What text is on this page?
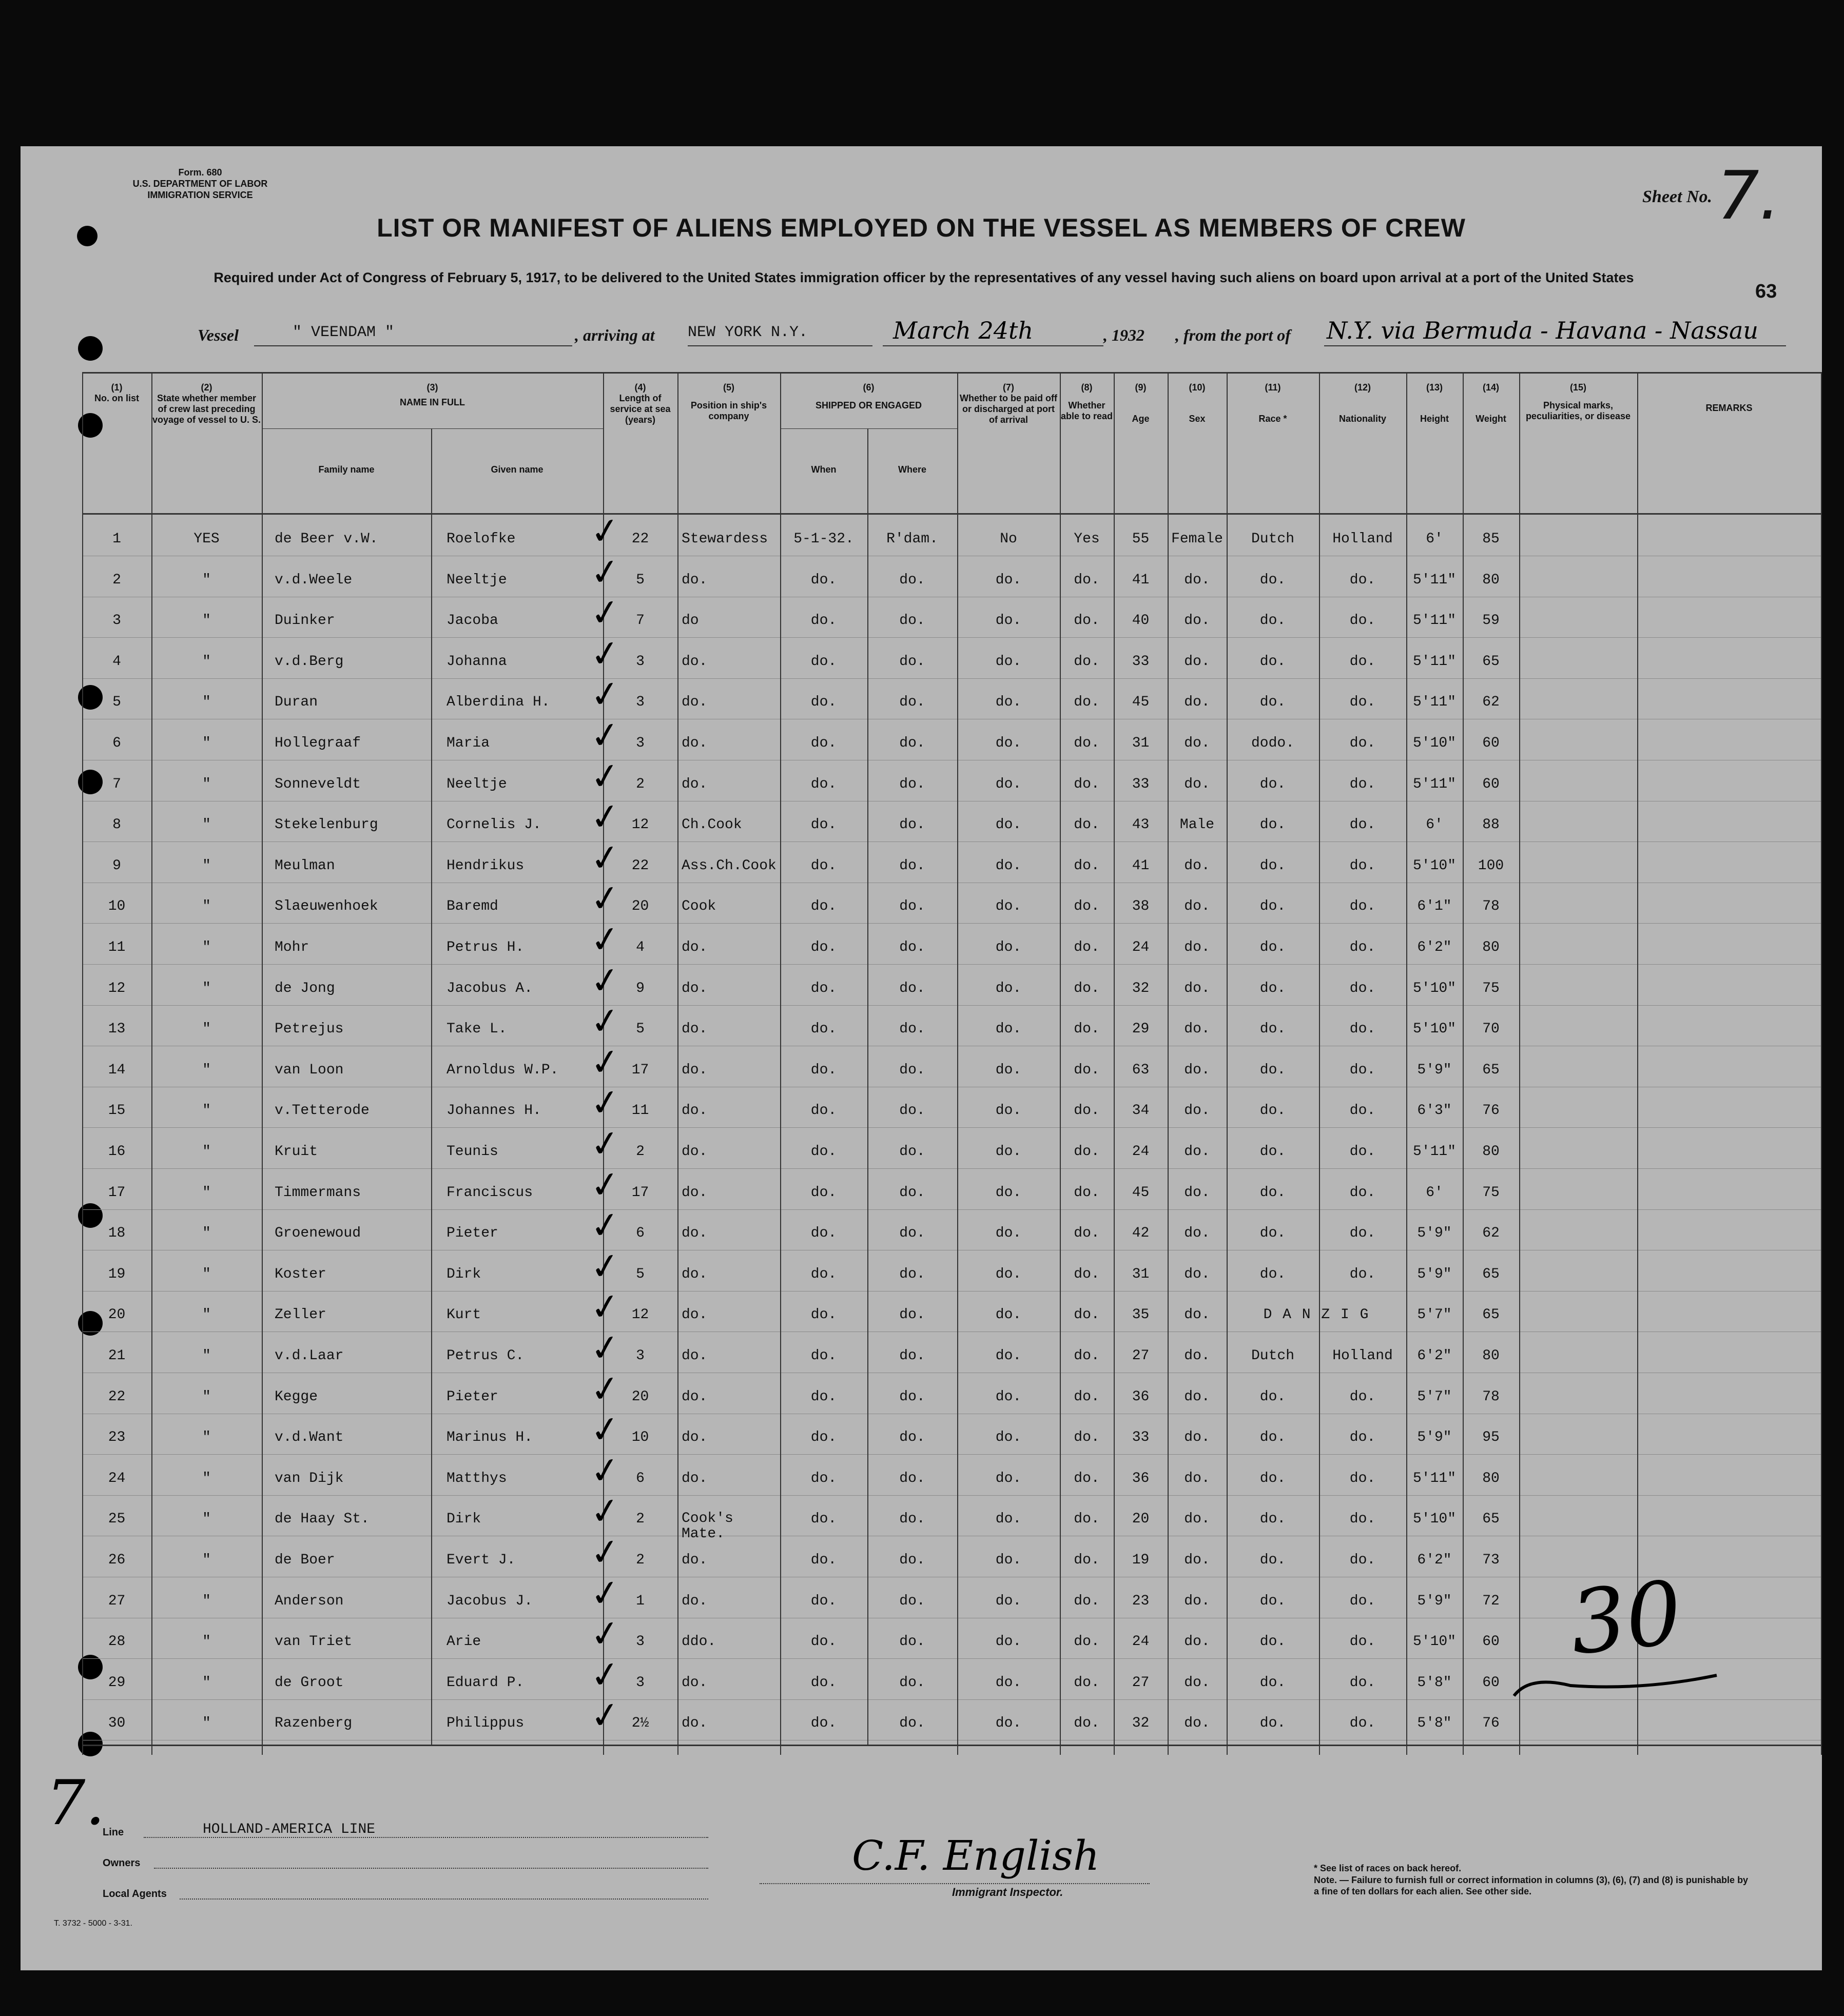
Form. 680
U.S. DEPARTMENT OF LABOR
IMMIGRATION SERVICE	Sheet No. 7.
LIST OR MANIFEST OF ALIENS EMPLOYED ON THE VESSEL AS MEMBERS OF CREW
Required under Act of Congress of February 5, 1917, to be delivered to the United States immigration officer by the representatives of any vessel having such aliens on board upon arrival at a port of the United States
63
Vessel	" VEENDAM "	, arriving at NEW YORK N.Y.	March 24th	, 1932 , from the port of N.Y. via Bermuda - Havana - Nassau
(1)
No. on list
(2)
State whether member of crew last preceding voyage of vessel to U. S.
(3)
NAME IN FULL
Family name	Given name
(4)
Length of service at sea (years)
(5)
Position in ship's company
(6)
SHIPPED OR ENGAGED
When	Where
(7)
Whether to be paid off or discharged at port of arrival
(8)
Whether able to read
(9)
Age
(10)
Sex
(11)
Race *
(12)
Nationality
(13)
Height
(14)
Weight
(15)
Physical marks, peculiarities, or disease
REMARKS
1	YES	de Beer v.W.	Roelofke	22	Stewardess	5-1-32.	R'dam.	No	Yes	55	Female	Dutch	Holland	6'	85
✓
2	"	v.d.Weele	Neeltje	5	do.	do.	do.	do.	do.	41	do.	do.	do.	5'11"	80
✓
3	"	Duinker	Jacoba	7	do	do.	do.	do.	do.	40	do.	do.	do.	5'11"	59
✓
4	"	v.d.Berg	Johanna	3	do.	do.	do.	do.	do.	33	do.	do.	do.	5'11"	65
✓
5	"	Duran	Alberdina H.	3	do.	do.	do.	do.	do.	45	do.	do.	do.	5'11"	62
✓
6	"	Hollegraaf	Maria	3	do.	do.	do.	do.	do.	31	do.	dodo.	do.	5'10"	60
✓
7	"	Sonneveldt	Neeltje	2	do.	do.	do.	do.	do.	33	do.	do.	do.	5'11"	60
✓
8	"	Stekelenburg	Cornelis J.	12	Ch.Cook	do.	do.	do.	do.	43	Male	do.	do.	6'	88
✓
9	"	Meulman	Hendrikus	22	Ass.Ch.Cook	do.	do.	do.	do.	41	do.	do.	do.	5'10"	100
✓
10	"	Slaeuwenhoek	Baremd	20	Cook	do.	do.	do.	do.	38	do.	do.	do.	6'1"	78
✓
11	"	Mohr	Petrus H.	4	do.	do.	do.	do.	do.	24	do.	do.	do.	6'2"	80
✓
12	"	de Jong	Jacobus A.	9	do.	do.	do.	do.	do.	32	do.	do.	do.	5'10"	75
✓
13	"	Petrejus	Take L.	5	do.	do.	do.	do.	do.	29	do.	do.	do.	5'10"	70
✓
14	"	van Loon	Arnoldus W.P.	17	do.	do.	do.	do.	do.	63	do.	do.	do.	5'9"	65
✓
15	"	v.Tetterode	Johannes H.	11	do.	do.	do.	do.	do.	34	do.	do.	do.	6'3"	76
✓
16	"	Kruit	Teunis	2	do.	do.	do.	do.	do.	24	do.	do.	do.	5'11"	80
✓
17	"	Timmermans	Franciscus	17	do.	do.	do.	do.	do.	45	do.	do.	do.	6'	75
✓
18	"	Groenewoud	Pieter	6	do.	do.	do.	do.	do.	42	do.	do.	do.	5'9"	62
✓
19	"	Koster	Dirk	5	do.	do.	do.	do.	do.	31	do.	do.	do.	5'9"	65
✓
20	"	Zeller	Kurt	12	do.	do.	do.	do.	do.	35	do.	D A N Z I G	5'7"	65
✓
21	"	v.d.Laar	Petrus C.	3	do.	do.	do.	do.	do.	27	do.	Dutch	Holland	6'2"	80
✓
22	"	Kegge	Pieter	20	do.	do.	do.	do.	do.	36	do.	do.	do.	5'7"	78
✓
23	"	v.d.Want	Marinus H.	10	do.	do.	do.	do.	do.	33	do.	do.	do.	5'9"	95
✓
24	"	van Dijk	Matthys	6	do.	do.	do.	do.	do.	36	do.	do.	do.	5'11"	80
✓
25	"	de Haay St.	Dirk	2	Cook's Mate.
do.	do.	do.	do.	20	do.	do.	do.	5'10"	65
✓
26	"	de Boer	Evert J.	2	do.	do.	do.	do.	do.	19	do.	do.	do.	6'2"	73
✓
27	"	Anderson	Jacobus J.	1	do.	do.	do.	do.	do.	23	do.	do.	do.	5'9"	72
✓
28	"	van Triet	Arie	3	ddo.	do.	do.	do.	do.	24	do.	do.	do.	5'10"	60
✓
29	"	de Groot	Eduard P.	3	do.	do.	do.	do.	do.	27	do.	do.	do.	5'8"	60
✓
30	"	Razenberg	Philippus	2½	do.	do.	do.	do.	do.	32	do.	do.	do.	5'8"	76
✓
30
7.
Line	HOLLAND-AMERICA LINE
Owners
Local Agents
C.F. English
Immigrant Inspector.
* See list of races on back hereof.
Note. — Failure to furnish full or correct information in columns (3), (6), (7) and (8) is punishable by a fine of ten dollars for each alien. See other side.
T. 3732 - 5000 - 3-31.
